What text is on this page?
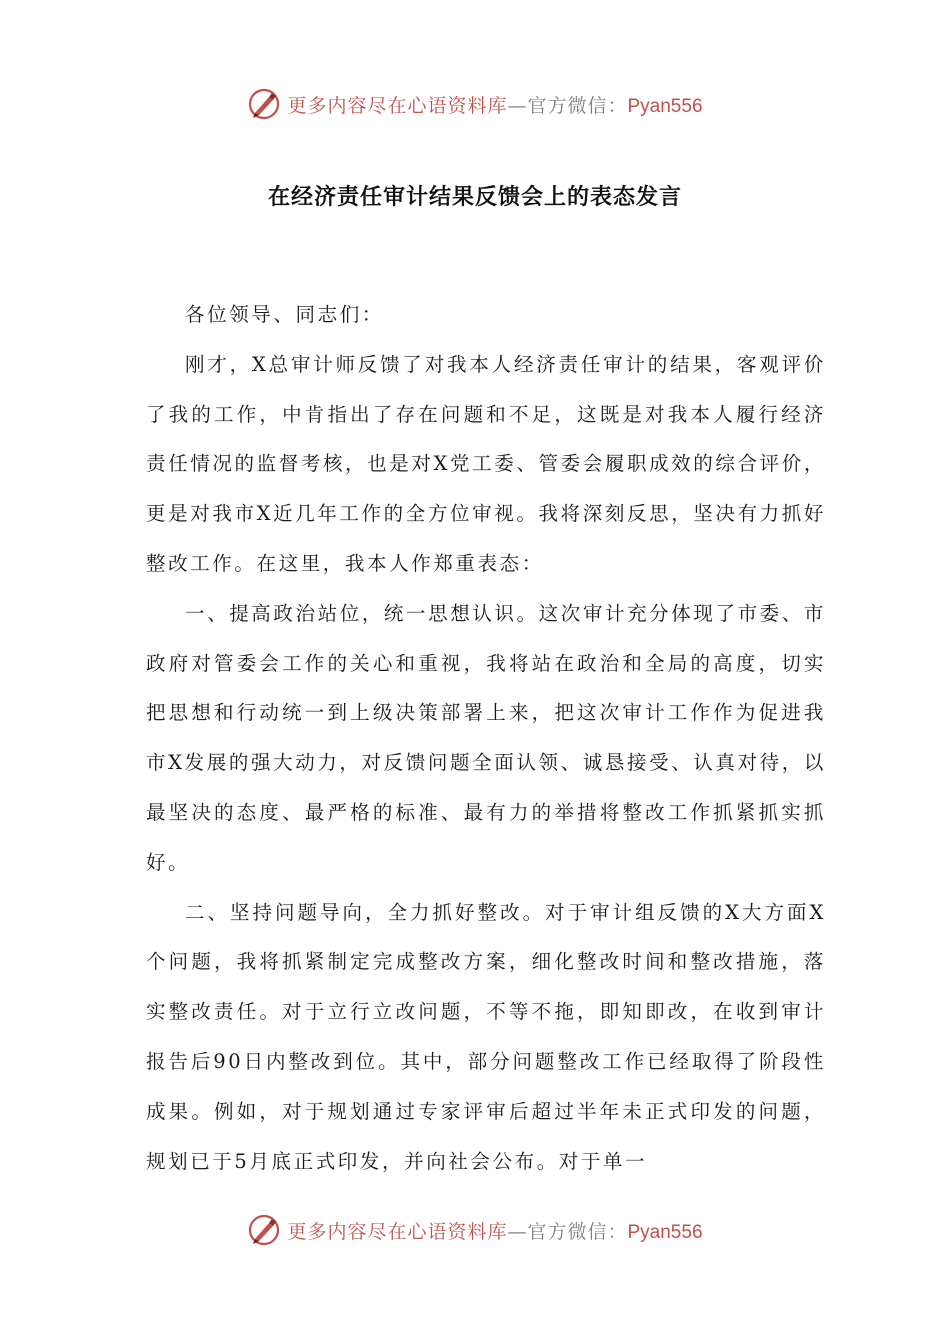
更多内容尽在心语资料库—官方微信：Pyan556
在经济责任审计结果反馈会上的表态发言

各位领导、同志们：

刚才，X总审计师反馈了对我本人经济责任审计的结果，客观评价了我的工作，中肯指出了存在问题和不足，这既是对我本人履行经济责任情况的监督考核，也是对X党工委、管委会履职成效的综合评价，更是对我市X近几年工作的全方位审视。我将深刻反思，坚决有力抓好整改工作。在这里，我本人作郑重表态：

一、提高政治站位，统一思想认识。这次审计充分体现了市委、市政府对管委会工作的关心和重视，我将站在政治和全局的高度，切实把思想和行动统一到上级决策部署上来，把这次审计工作作为促进我市X发展的强大动力，对反馈问题全面认领、诚恳接受、认真对待，以最坚决的态度、最严格的标准、最有力的举措将整改工作抓紧抓实抓好。

二、坚持问题导向，全力抓好整改。对于审计组反馈的X大方面X个问题，我将抓紧制定完成整改方案，细化整改时间和整改措施，落实整改责任。对于立行立改问题，不等不拖，即知即改，在收到审计报告后90日内整改到位。其中，部分问题整改工作已经取得了阶段性成果。例如，对于规划通过专家评审后超过半年未正式印发的问题，规划已于5月底正式印发，并向社会公布。对于单一

更多内容尽在心语资料库—官方微信：Pyan556
